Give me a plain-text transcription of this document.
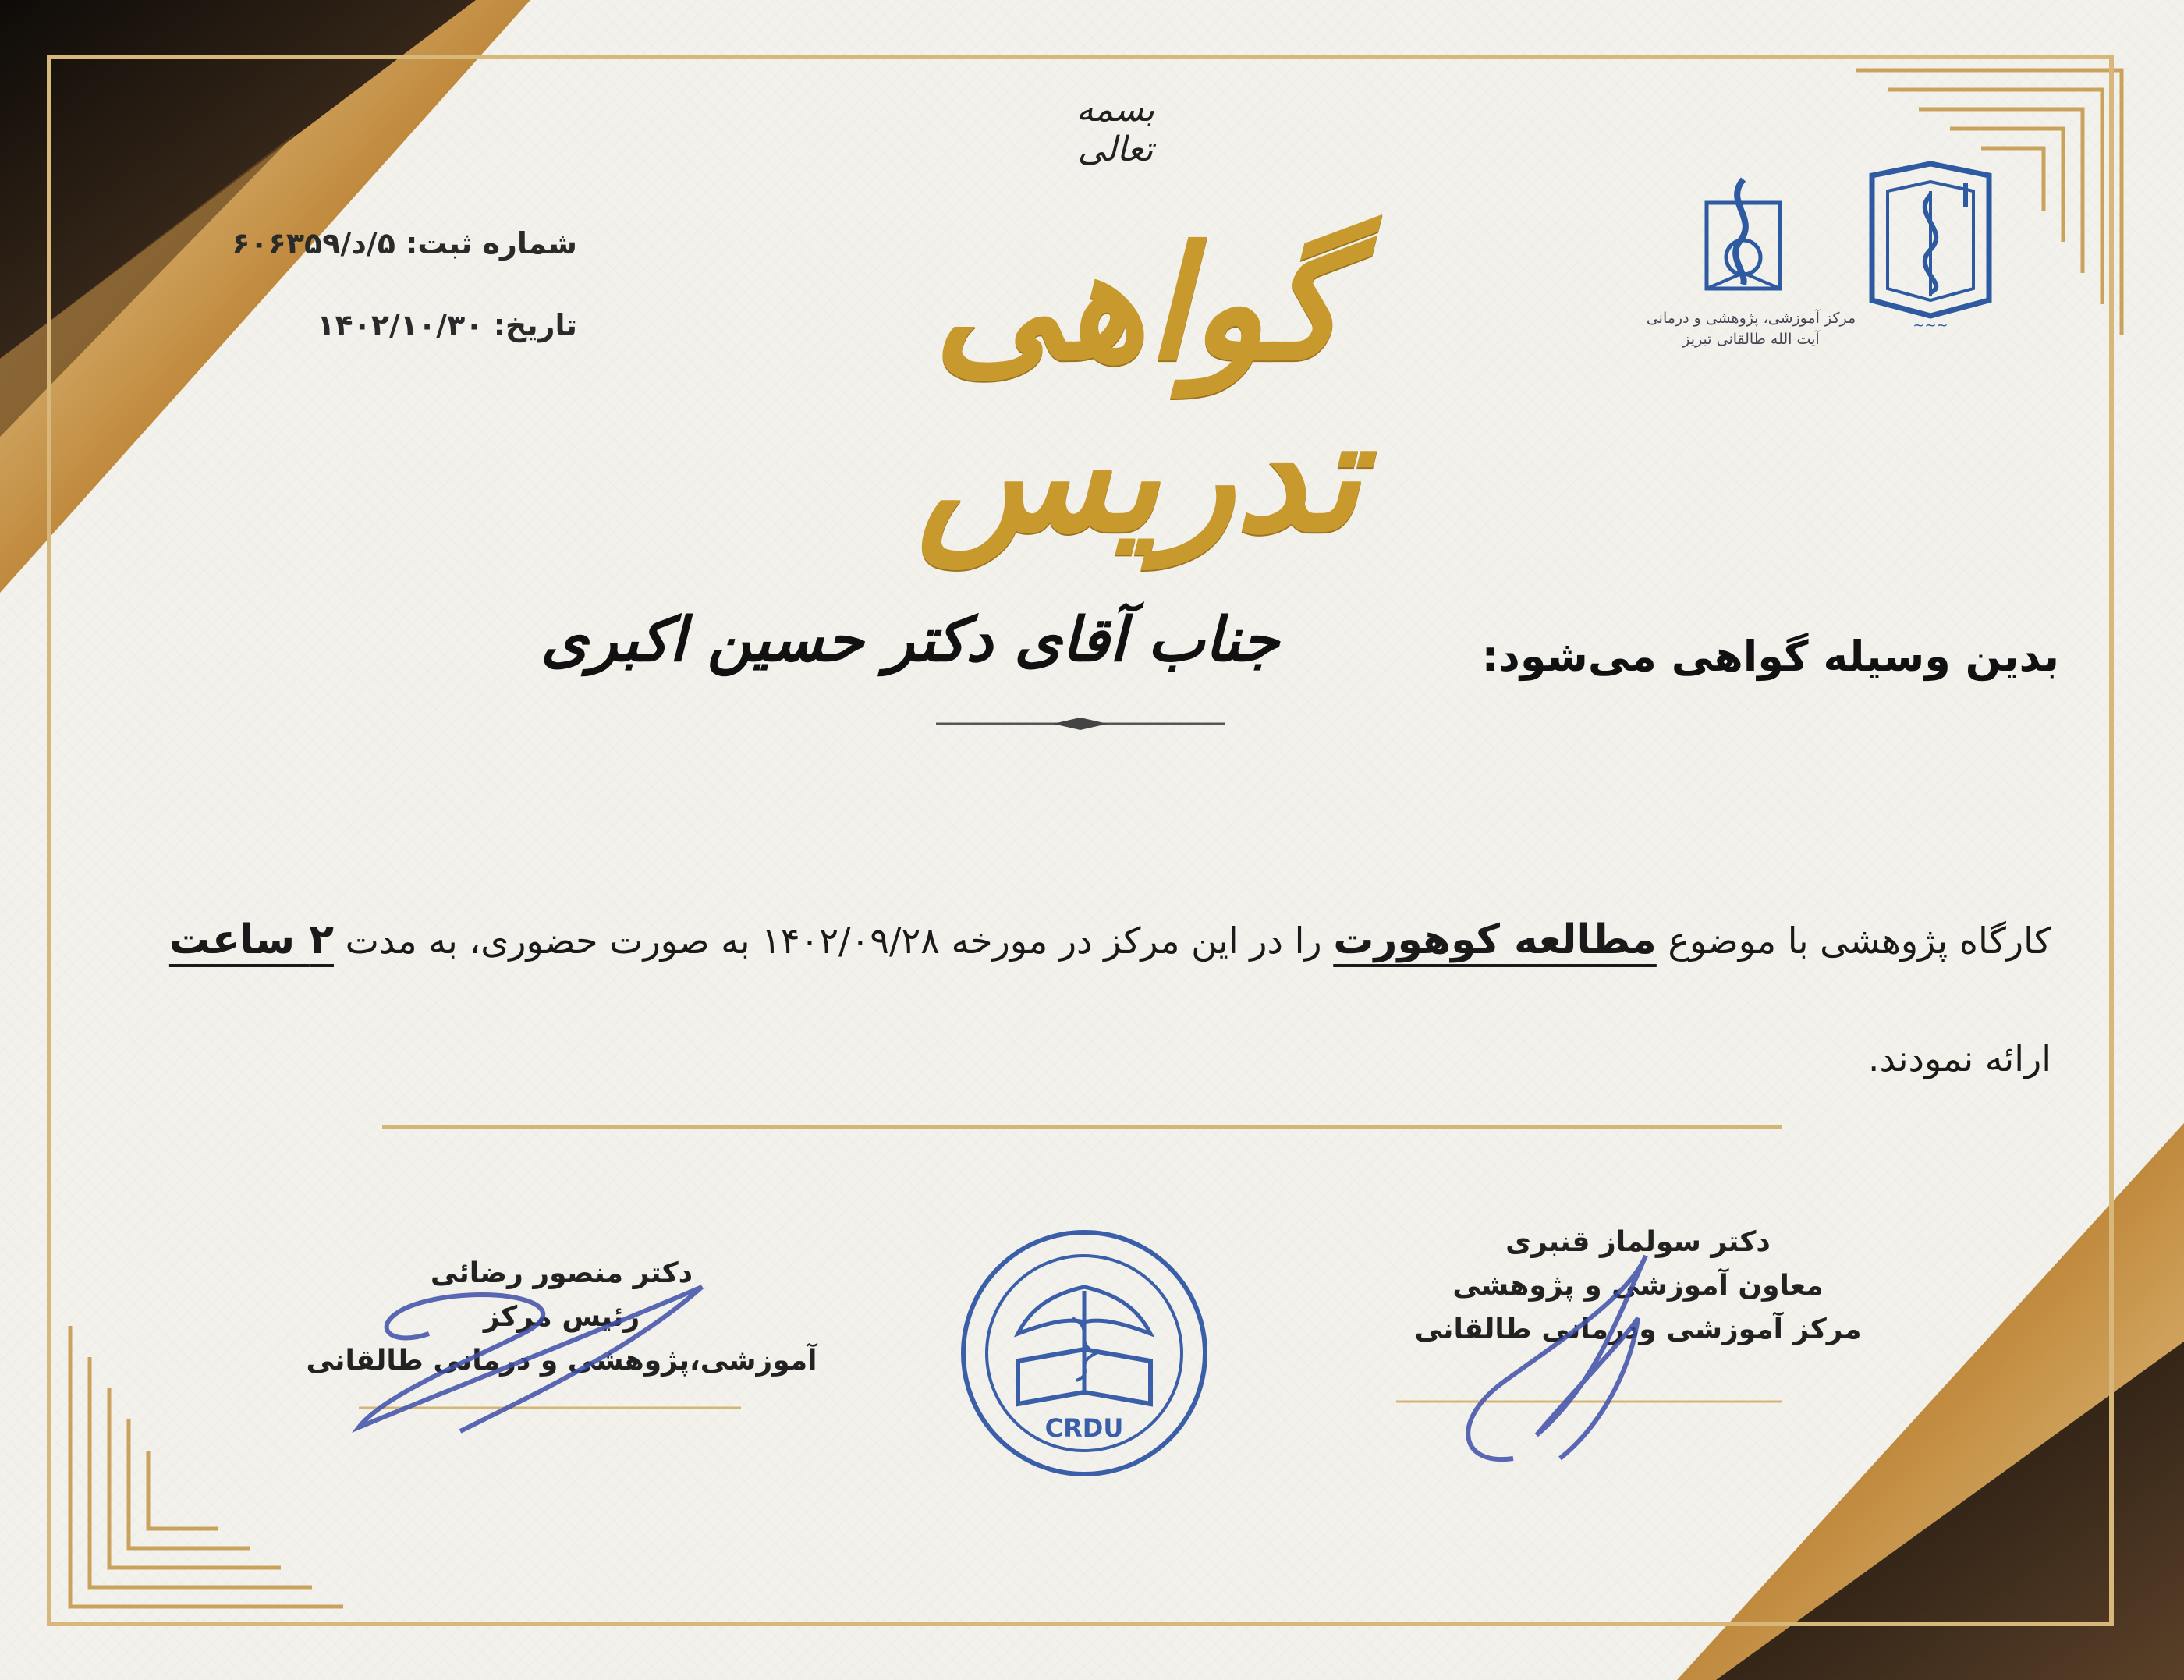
بسمه تعالی
شماره ثبت: ۵/د/۶۰۶۳۵۹
تاریخ: ۱۴۰۲/۱۰/۳۰	~~~
مرکز آموزشی، پژوهشی و درمانی
آیت الله طالقانی تبریز
گواهی تدریس
بدین وسیله گواهی می‌شود:
جناب آقای دکتر حسین اکبری
کارگاه پژوهشی با موضوع مطالعه کوهورت را در این مرکز در مورخه ۱۴۰۲/۰۹/۲۸ به صورت حضوری، به مدت ۲ ساعت
ارائه نمودند.
دکتر منصور رضائی
رئیس مرکز
آموزشی،پژوهشی و درمانی طالقانی
دکتر سولماز قنبری
معاون آموزشی و پژوهشی
مرکز آموزشی ودرمانی طالقانی
CRDU
